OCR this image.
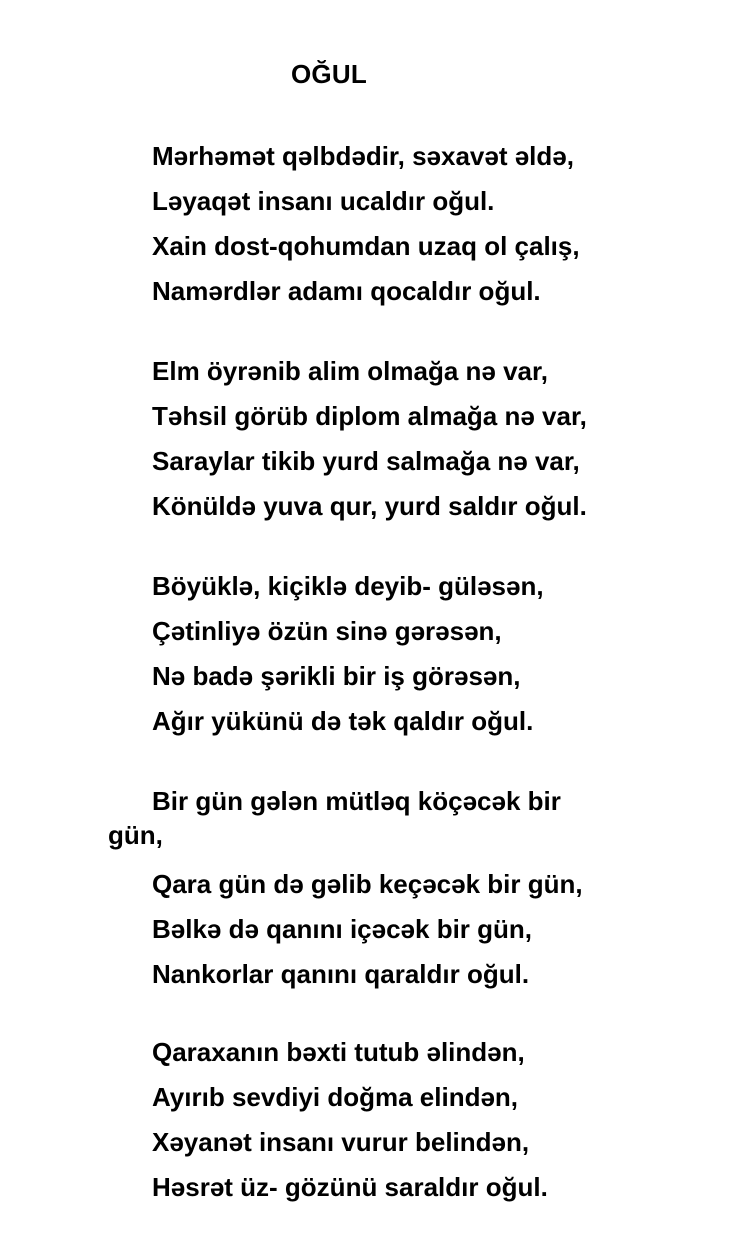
OĞUL
Mərhəmət qəlbdədir, səxavət əldə,
Ləyaqət insanı ucaldır oğul.
Xain dost-qohumdan uzaq ol çalış,
Namərdlər adamı qocaldır oğul.
Elm öyrənib alim olmağa nə var,
Təhsil görüb diplom almağa nə var,
Saraylar tikib yurd salmağa nə var,
Könüldə yuva qur, yurd saldır oğul.
Böyüklə, kiçiklə deyib- güləsən,
Çətinliyə özün sinə gərəsən,
Nə badə şərikli bir iş görəsən,
Ağır yükünü də tək qaldır oğul.
Bir gün gələn mütləq köçəcək bir
gün,
Qara gün də gəlib keçəcək bir gün,
Bəlkə də qanını içəcək bir gün,
Nankorlar qanını qaraldır oğul.
Qaraxanın bəxti tutub əlindən,
Ayırıb sevdiyi doğma elindən,
Xəyanət insanı vurur belindən,
Həsrət üz- gözünü saraldır oğul.
